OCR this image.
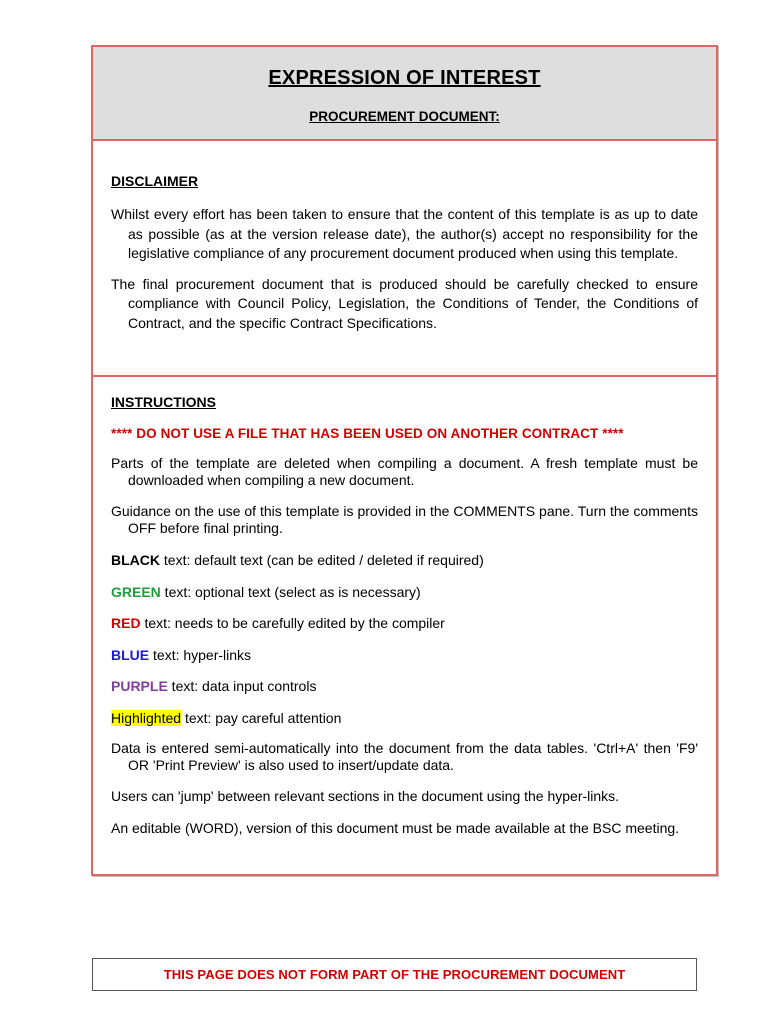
EXPRESSION OF INTEREST
PROCUREMENT DOCUMENT:
DISCLAIMER

Whilst every effort has been taken to ensure that the content of this template is as up to date as possible (as at the version release date), the author(s) accept no responsibility for the legislative compliance of any procurement document produced when using this template.

The final procurement document that is produced should be carefully checked to ensure compliance with Council Policy, Legislation, the Conditions of Tender, the Conditions of Contract, and the specific Contract Specifications.

INSTRUCTIONS
**** DO NOT USE A FILE THAT HAS BEEN USED ON ANOTHER CONTRACT ****

Parts of the template are deleted when compiling a document. A fresh template must be downloaded when compiling a new document.

Guidance on the use of this template is provided in the COMMENTS pane. Turn the comments OFF before final printing.

BLACK text: default text (can be edited / deleted if required)
GREEN text: optional text (select as is necessary)
RED text: needs to be carefully edited by the compiler
BLUE text: hyper-links
PURPLE text: data input controls
Highlighted text: pay careful attention

Data is entered semi-automatically into the document from the data tables. 'Ctrl+A' then 'F9' OR 'Print Preview' is also used to insert/update data.

Users can 'jump' between relevant sections in the document using the hyper-links.

An editable (WORD), version of this document must be made available at the BSC meeting.

THIS PAGE DOES NOT FORM PART OF THE PROCUREMENT DOCUMENT
